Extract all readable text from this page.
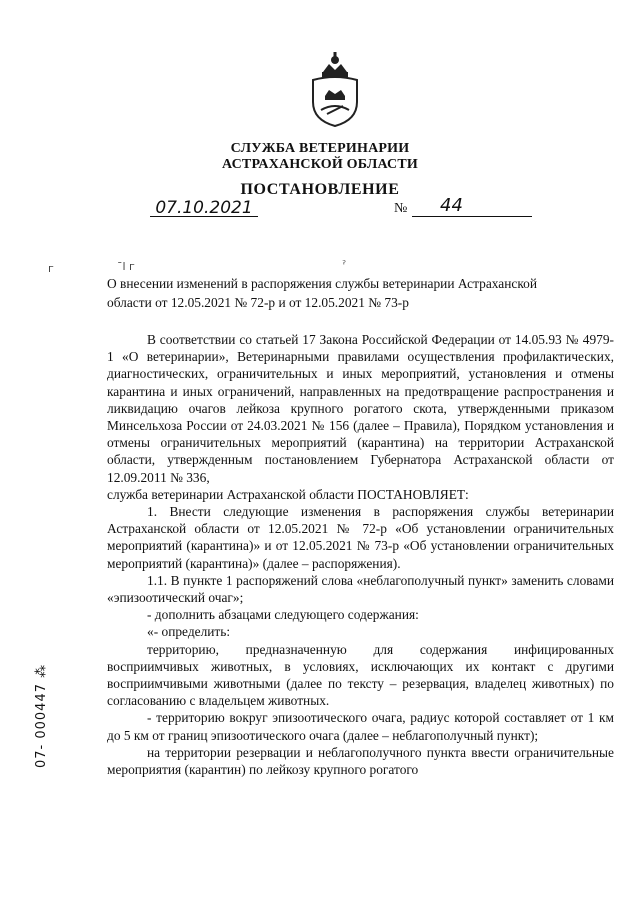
СЛУЖБА ВЕТЕРИНАРИИ
АСТРАХАНСКОЙ ОБЛАСТИ
ПОСТАНОВЛЕНИЕ
07.10.2021	№ 44
г	ˉl г	ˀ
О внесении изменений в распоряжения службы ветеринарии Астраханской
области от 12.05.2021 № 72-р и от 12.05.2021 № 73-р

В соответствии со статьей 17 Закона Российской Федерации от 14.05.93 № 4979-1 «О ветеринарии», Ветеринарными правилами осуществления профилактических, диагностических, ограничительных и иных мероприятий, установления и отмены карантина и иных ограничений, направленных на предотвращение распространения и ликвидацию очагов лейкоза крупного рогатого скота, утвержденными приказом Минсельхоза России от 24.03.2021 № 156 (далее – Правила), Порядком установления и отмены ограничительных мероприятий (карантина) на территории Астраханской области, утвержденным постановлением Губернатора Астраханской области от 12.09.2011 № 336,

служба ветеринарии Астраханской области ПОСТАНОВЛЯЕТ:

1. Внести следующие изменения в распоряжения службы ветеринарии Астраханской области от 12.05.2021 № 72-р «Об установлении ограничительных мероприятий (карантина)» и от 12.05.2021 № 73-р «Об установлении ограничительных мероприятий (карантина)» (далее – распоряжения).

1.1. В пункте 1 распоряжений слова «неблагополучный пункт» заменить словами «эпизоотический очаг»;

- дополнить абзацами следующего содержания:

«- определить:

территорию, предназначенную для содержания инфицированных восприимчивых животных, в условиях, исключающих их контакт с другими восприимчивыми животными (далее по тексту – резервация, владелец животных) по согласованию с владельцем животных.

- территорию вокруг эпизоотического очага, радиус которой составляет от 1 км до 5 км от границ эпизоотического очага (далее – неблагополучный пункт);

на территории резервации и неблагополучного пункта ввести ограничительные мероприятия (карантин) по лейкозу крупного рогатого

07- 000447 ⁂
